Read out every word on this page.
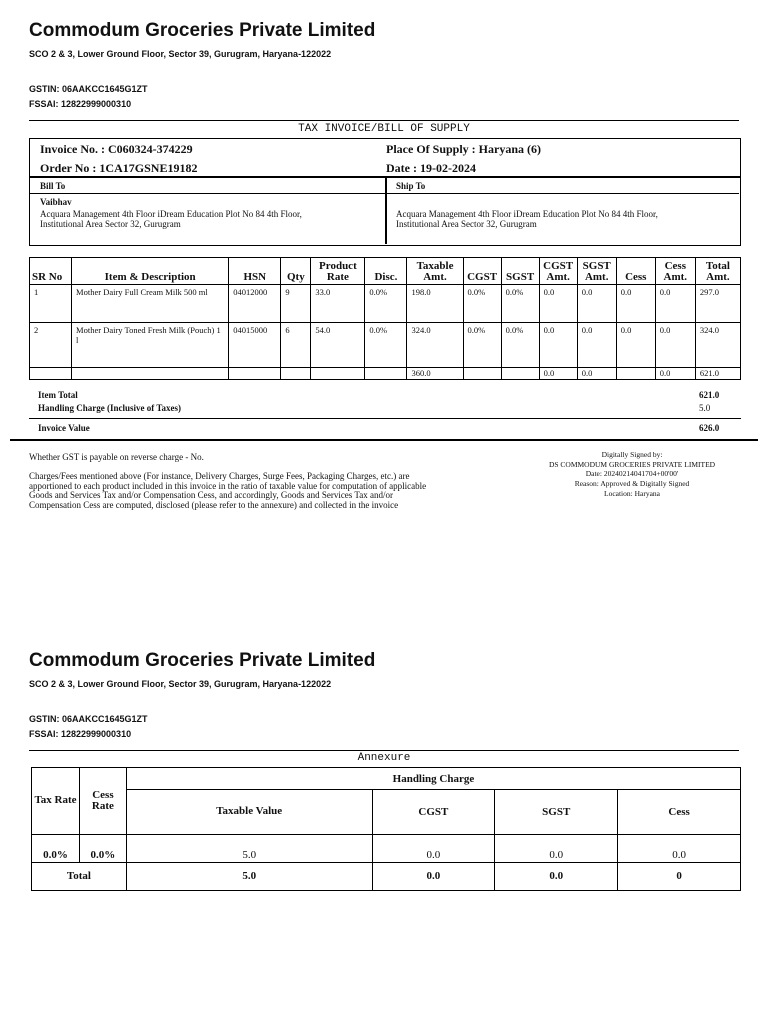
Commodum Groceries Private Limited
SCO 2 & 3, Lower Ground Floor, Sector 39, Gurugram, Haryana-122022
GSTIN: 06AAKCC1645G1ZT
FSSAI: 12822999000310
TAX INVOICE/BILL OF SUPPLY
Invoice No. : C060324-374229
Order No : 1CA17GSNE19182
Place Of Supply : Haryana (6)
Date : 19-02-2024
Bill To	Ship To
Vaibhav
Acquara Management 4th Floor iDream Education Plot No 84 4th Floor, Institutional Area Sector 32, Gurugram
Acquara Management 4th Floor iDream Education Plot No 84 4th Floor, Institutional Area Sector 32, Gurugram
SR No	Item & Description	HSN	Qty	Product Rate	Disc.	Taxable Amt.	CGST	SGST	CGST Amt.	SGST Amt.	Cess	Cess Amt.	Total Amt.
1	Mother Dairy Full Cream Milk 500 ml	04012000	9	33.0	0.0%	198.0	0.0%	0.0%	0.0	0.0	0.0	0.0	297.0
2	Mother Dairy Toned Fresh Milk (Pouch) 1 l	04015000	6	54.0	0.0%	324.0	0.0%	0.0%	0.0	0.0	0.0	0.0	324.0
						360.0			0.0	0.0		0.0	621.0
Item Total	621.0
Handling Charge (Inclusive of Taxes)	5.0
Invoice Value	626.0
Whether GST is payable on reverse charge - No.
Charges/Fees mentioned above (For instance, Delivery Charges, Surge Fees, Packaging Charges, etc.) are apportioned to each product included in this invoice in the ratio of taxable value for computation of applicable Goods and Services Tax and/or Compensation Cess, and accordingly, Goods and Services Tax and/or Compensation Cess are computed, disclosed (please refer to the annexure) and collected in the invoice
Digitally Signed by:
DS COMMODUM GROCERIES PRIVATE LIMITED
Date: 20240214041704+00'00'
Reason: Approved & Digitally Signed
Location: Haryana
Commodum Groceries Private Limited
SCO 2 & 3, Lower Ground Floor, Sector 39, Gurugram, Haryana-122022
GSTIN: 06AAKCC1645G1ZT
FSSAI: 12822999000310
Annexure
Tax Rate	Cess Rate	Handling Charge			
		Taxable Value	CGST	SGST	Cess
0.0%	0.0%	5.0	0.0	0.0	0.0
Total		5.0	0.0	0.0	0
